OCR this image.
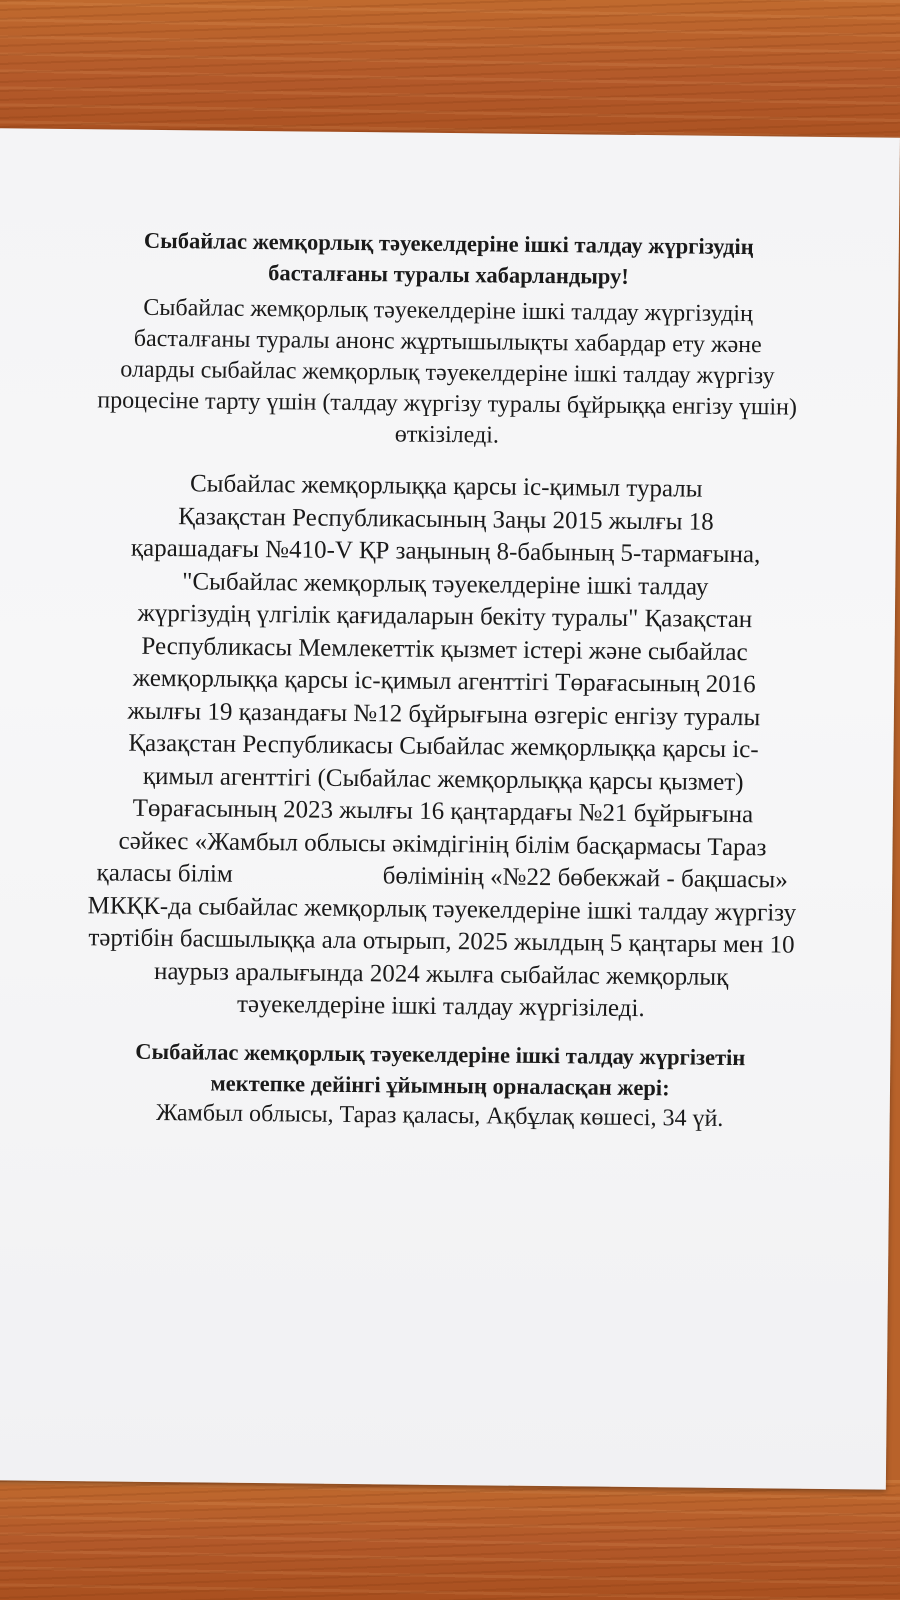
Сыбайлас жемқорлық тәуекелдеріне ішкі талдау жүргізудің
басталғаны туралы хабарландыру!
Сыбайлас жемқорлық тәуекелдеріне ішкі талдау жүргізудің
басталғаны туралы анонс жұртышылықты хабардар ету және
оларды сыбайлас жемқорлық тәуекелдеріне ішкі талдау жүргізу
процесіне тарту үшін (талдау жүргізу туралы бұйрыққа енгізу үшін)
өткізіледі.
Сыбайлас жемқорлыққа қарсы іс-қимыл туралы
Қазақстан Республикасының Заңы 2015 жылғы 18
қарашадағы №410-V ҚР заңының 8-бабының 5-тармағына,
"Сыбайлас жемқорлық тәуекелдеріне ішкі талдау
жүргізудің үлгілік қағидаларын бекіту туралы" Қазақстан
Республикасы Мемлекеттік қызмет істері және сыбайлас
жемқорлыққа қарсы іс-қимыл агенттігі Төрағасының 2016
жылғы 19 қазандағы №12 бұйрығына өзгеріс енгізу туралы
Қазақстан Республикасы Сыбайлас жемқорлыққа қарсы іс-
қимыл агенттігі (Сыбайлас жемқорлыққа қарсы қызмет)
Төрағасының 2023 жылғы 16 қаңтардағы №21 бұйрығына
сәйкес «Жамбыл облысы әкімдігінің білім басқармасы Тараз
қаласы білім	бөлімінің «№22 бөбекжай - бақшасы»
МКҚК-да сыбайлас жемқорлық тәуекелдеріне ішкі талдау жүргізу
тәртібін басшылыққа ала отырып, 2025 жылдың 5 қаңтары мен 10
наурыз аралығында 2024 жылға сыбайлас жемқорлық
тәуекелдеріне ішкі талдау жүргізіледі.
Сыбайлас жемқорлық тәуекелдеріне ішкі талдау жүргізетін
мектепке дейінгі ұйымның орналасқан жері:
Жамбыл облысы, Тараз қаласы, Ақбұлақ көшесі, 34 үй.
